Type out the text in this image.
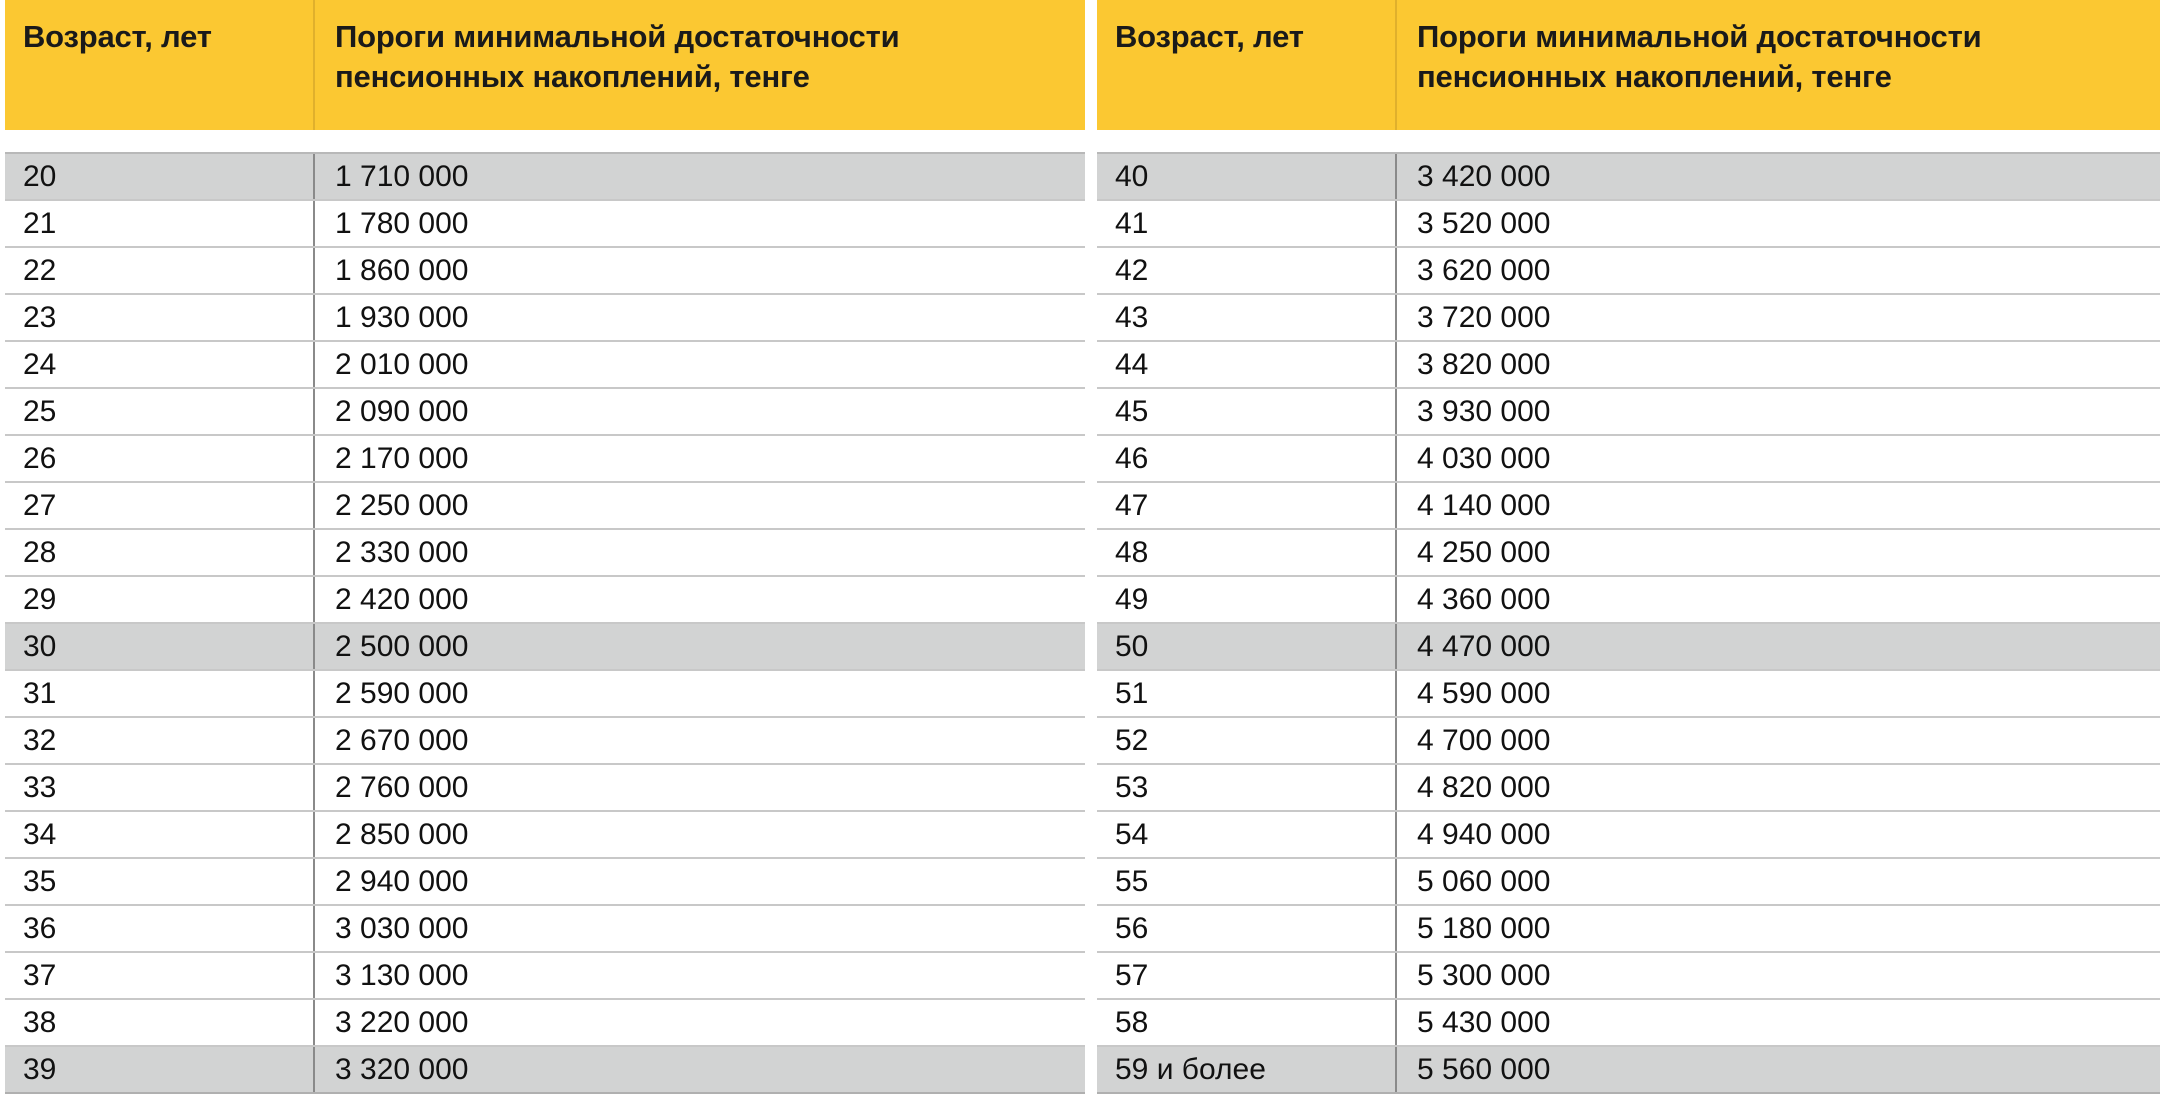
Возраст, лет	Пороги минимальной достаточности пенсионных накоплений, тенге
20	1 710 000
21	1 780 000
22	1 860 000
23	1 930 000
24	2 010 000
25	2 090 000
26	2 170 000
27	2 250 000
28	2 330 000
29	2 420 000
30	2 500 000
31	2 590 000
32	2 670 000
33	2 760 000
34	2 850 000
35	2 940 000
36	3 030 000
37	3 130 000
38	3 220 000
39	3 320 000
Возраст, лет	Пороги минимальной достаточности пенсионных накоплений, тенге
40	3 420 000
41	3 520 000
42	3 620 000
43	3 720 000
44	3 820 000
45	3 930 000
46	4 030 000
47	4 140 000
48	4 250 000
49	4 360 000
50	4 470 000
51	4 590 000
52	4 700 000
53	4 820 000
54	4 940 000
55	5 060 000
56	5 180 000
57	5 300 000
58	5 430 000
59 и более	5 560 000
